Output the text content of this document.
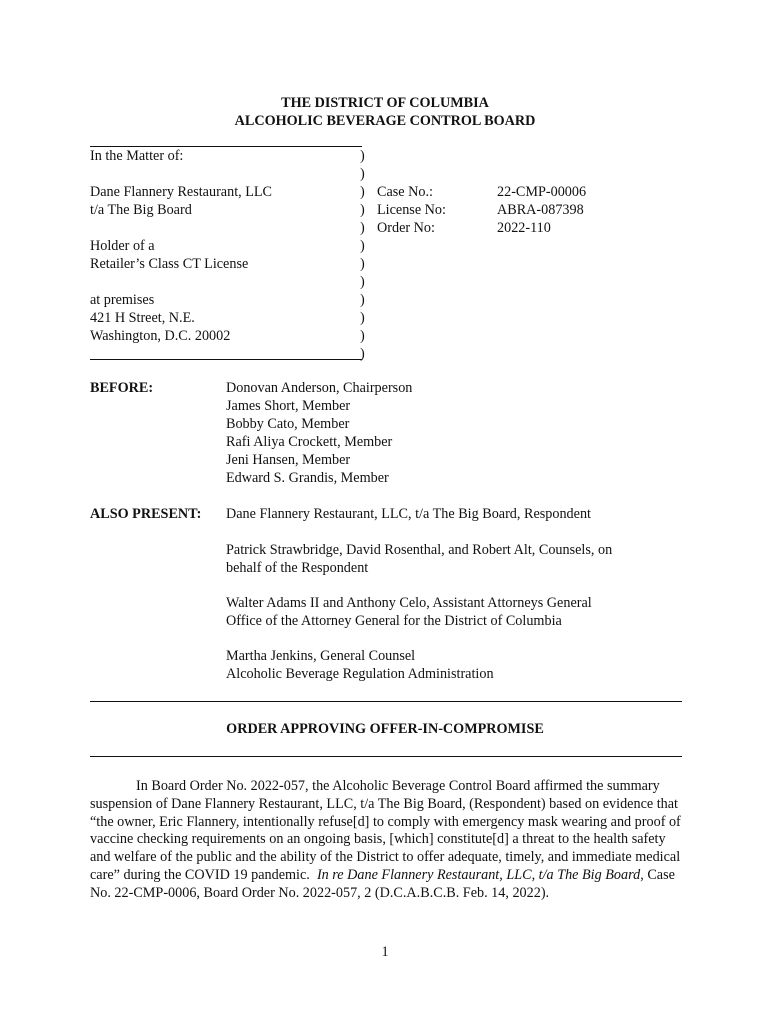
THE DISTRICT OF COLUMBIA
ALCOHOLIC BEVERAGE CONTROL BOARD
In the Matter of:
Dane Flannery Restaurant, LLC
t/a The Big Board
Holder of a
Retailer’s Class CT License
at premises
421 H Street, N.E.
Washington, D.C. 20002
)
)
)
)
)
)
)
)
)
)
)
)
Case No.:	22-CMP-00006
License No:	ABRA-087398
Order No:	2022-110
BEFORE:	Donovan Anderson, Chairperson
James Short, Member
Bobby Cato, Member
Rafi Aliya Crockett, Member
Jeni Hansen, Member
Edward S. Grandis, Member
ALSO PRESENT: Dane Flannery Restaurant, LLC, t/a The Big Board, Respondent
Patrick Strawbridge, David Rosenthal, and Robert Alt, Counsels, on
behalf of the Respondent
Walter Adams II and Anthony Celo, Assistant Attorneys General
Office of the Attorney General for the District of Columbia
Martha Jenkins, General Counsel
Alcoholic Beverage Regulation Administration
ORDER APPROVING OFFER-IN-COMPROMISE
In Board Order No. 2022-057, the Alcoholic Beverage Control Board affirmed the summary suspension of Dane Flannery Restaurant, LLC, t/a The Big Board, (Respondent) based on evidence that “the owner, Eric Flannery, intentionally refuse[d] to comply with emergency mask wearing and proof of vaccine checking requirements on an ongoing basis, [which] constitute[d] a threat to the health safety and welfare of the public and the ability of the District to offer adequate, timely, and immediate medical care” during the COVID 19 pandemic. In re Dane Flannery Restaurant, LLC, t/a The Big Board, Case No. 22-CMP-0006, Board Order No. 2022-057, 2 (D.C.A.B.C.B. Feb. 14, 2022).
1
